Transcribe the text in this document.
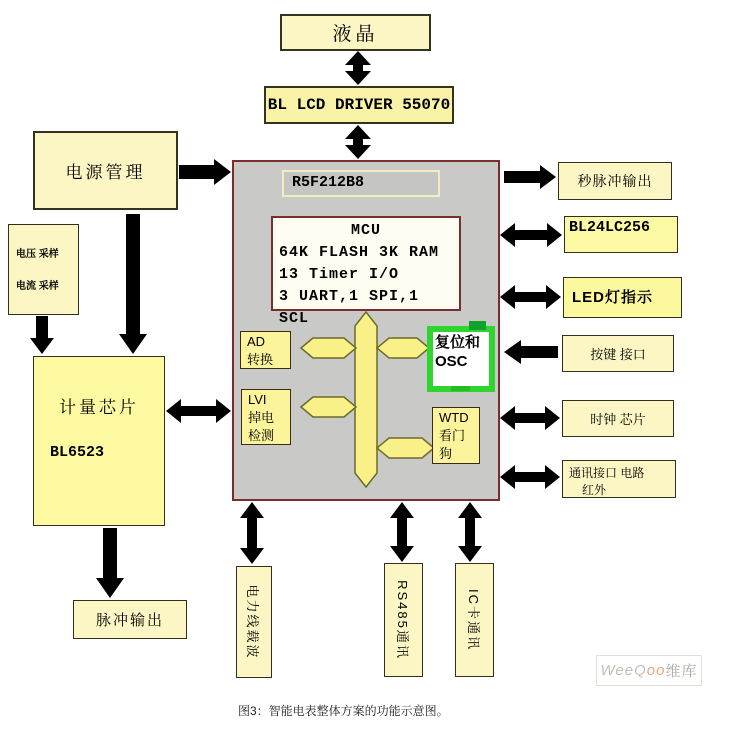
液晶
BL LCD DRIVER 55070
电源管理
电压 采样
电流 采样
计量芯片
BL6523
脉冲输出
R5F212B8
MCU
64K FLASH 3K RAM
13 Timer I/O
3 UART,1 SPI,1 SCL
AD
转换
LVI
掉电
检测
复位和
OSC
WTD
看门
狗
秒脉冲输出
BL24LC256
LED灯指示
按键 接口
时钟 芯片
通讯接口 电路
红外
电力线载波	RS485通讯	IC卡通讯
图3：智能电表整体方案的功能示意图。
WeeQ oo 维库
